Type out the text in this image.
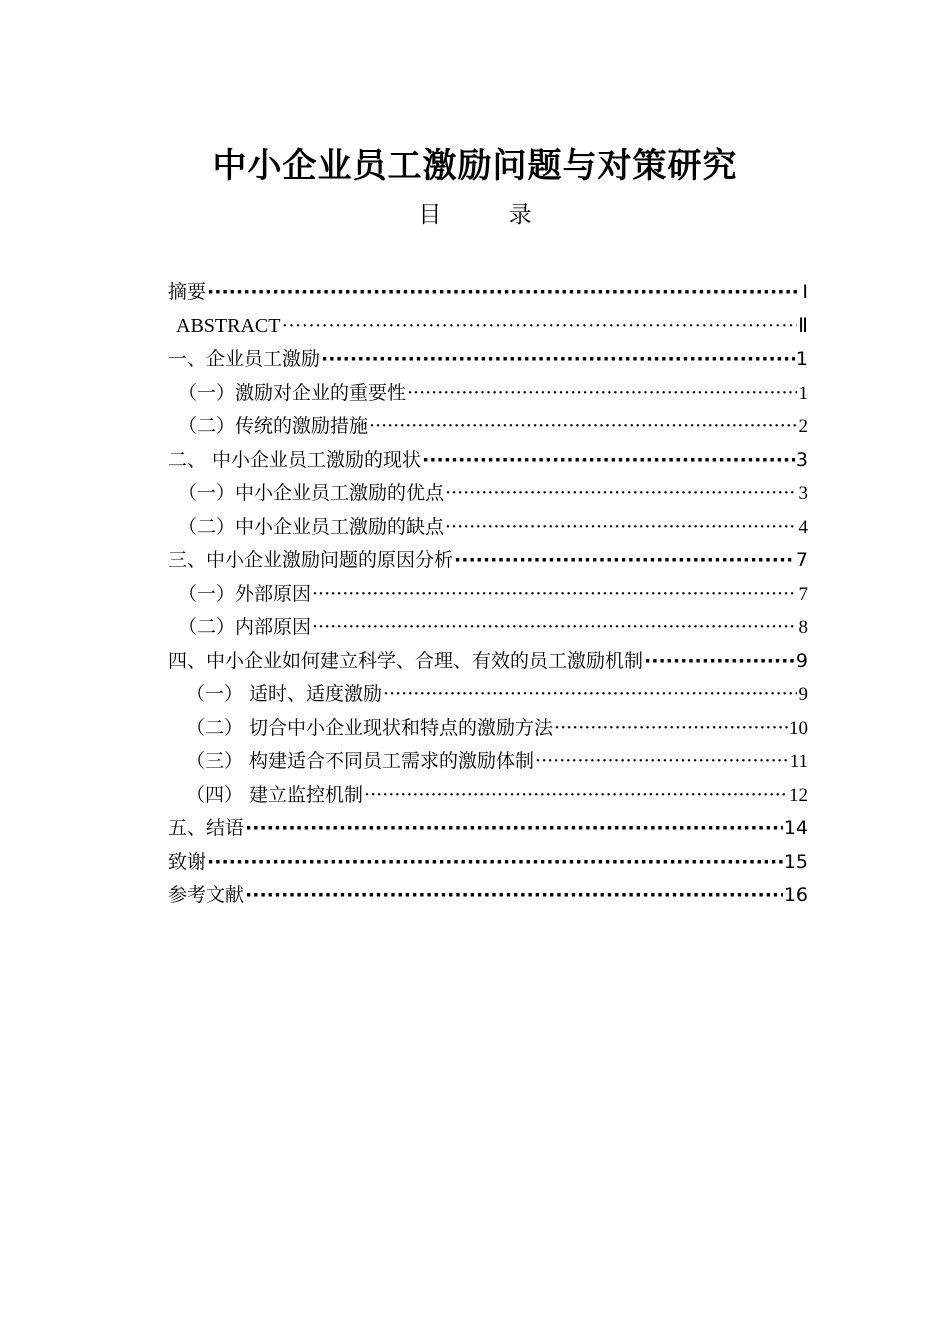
中小企业员工激励问题与对策研究
目 录
摘要 ·····	Ⅰ
ABSTRACT ·····	Ⅱ
一、企业员工激励 ·····	1
（一）激励对企业的重要性 ·····	1
（二）传统的激励措施 ·····	2
二、 中小企业员工激励的现状 ·····	3
（一）中小企业员工激励的优点 ·····	3
（二）中小企业员工激励的缺点 ·····	4
三、中小企业激励问题的原因分析 ·····	7
（一）外部原因 ·····	7
（二）内部原因 ·····	8
四、中小企业如何建立科学、合理、有效的员工激励机制 ·····	9
（一） 适时、适度激励 ·····	9
（二） 切合中小企业现状和特点的激励方法 ·····	10
（三） 构建适合不同员工需求的激励体制 ·····	11
（四） 建立监控机制 ·····	12
五、结语 ·····	14
致谢 ·····	15
参考文献 ·····	16
